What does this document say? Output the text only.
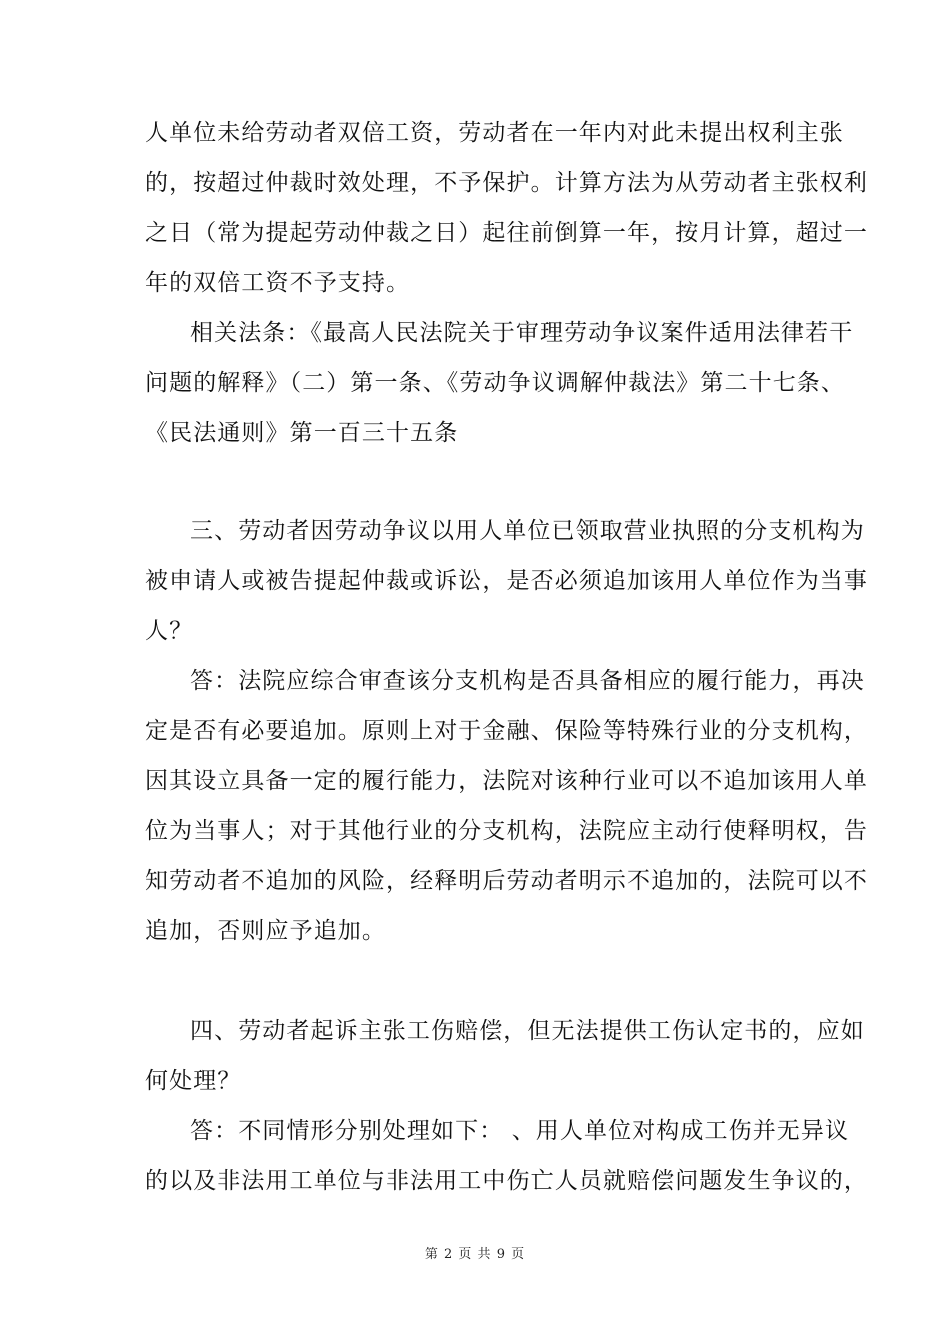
人单位未给劳动者双倍工资，劳动者在一年内对此未提出权利主张
的，按超过仲裁时效处理，不予保护。计算方法为从劳动者主张权利
之日（常为提起劳动仲裁之日）起往前倒算一年，按月计算，超过一
年的双倍工资不予支持。
相关法条：《最高人民法院关于审理劳动争议案件适用法律若干
问题的解释》（二）第一条、《劳动争议调解仲裁法》第二十七条、
《民法通则》第一百三十五条
三、劳动者因劳动争议以用人单位已领取营业执照的分支机构为
被申请人或被告提起仲裁或诉讼，是否必须追加该用人单位作为当事
人？
答：法院应综合审查该分支机构是否具备相应的履行能力，再决
定是否有必要追加。原则上对于金融、保险等特殊行业的分支机构，
因其设立具备一定的履行能力，法院对该种行业可以不追加该用人单
位为当事人；对于其他行业的分支机构，法院应主动行使释明权，告
知劳动者不追加的风险，经释明后劳动者明示不追加的，法院可以不
追加，否则应予追加。
四、劳动者起诉主张工伤赔偿，但无法提供工伤认定书的，应如
何处理？
答：不同情形分别处理如下： 、用人单位对构成工伤并无异议
的以及非法用工单位与非法用工中伤亡人员就赔偿问题发生争议的，
第 2 页 共 9 页
